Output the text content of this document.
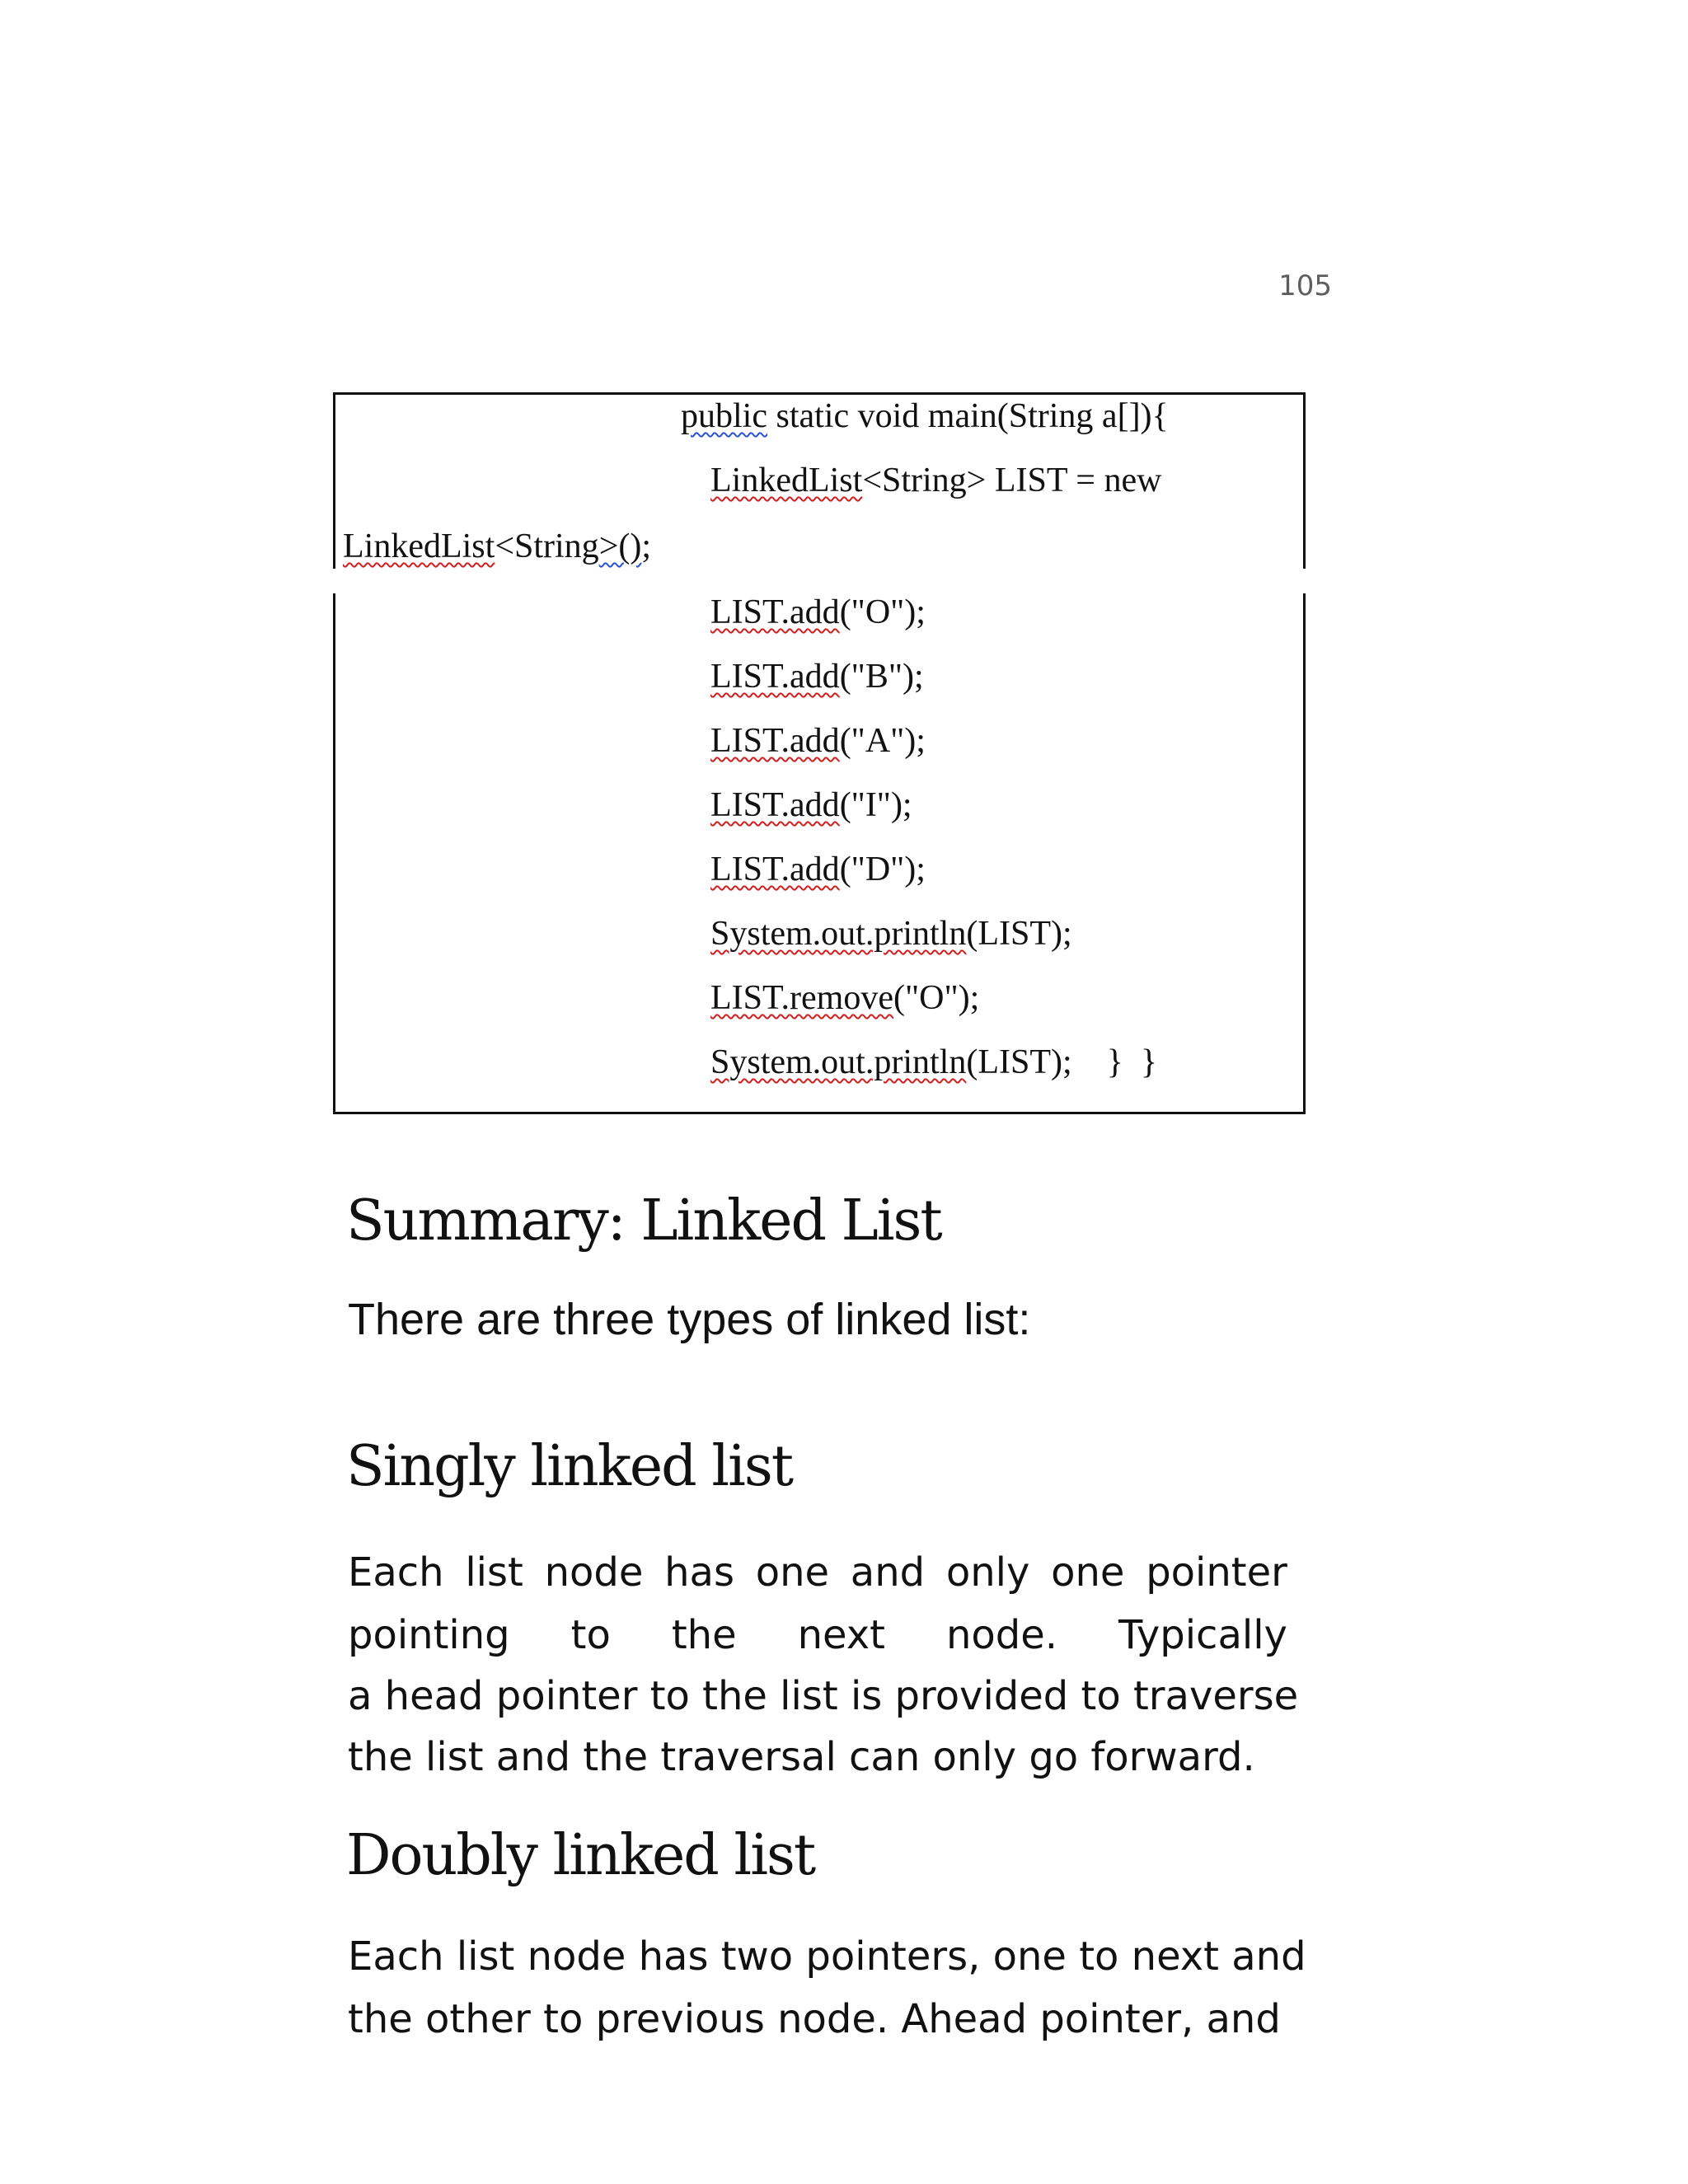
105
public static void main(String a[]){
LinkedList<String> LIST = new
LinkedList<String>();
LIST.add("O");
LIST.add("B");
LIST.add("A");
LIST.add("I");
LIST.add("D");
System.out.println(LIST);
LIST.remove("O");
System.out.println(LIST);    }  }
Summary: Linked List
There are three types of linked list:
Singly linked list
Each list node has one and only one pointer
pointing to the next node. Typically
a head pointer to the list is provided to traverse
the list and the traversal can only go forward.
Doubly linked list
Each list node has two pointers, one to next and
the other to previous node. Ahead pointer, and
